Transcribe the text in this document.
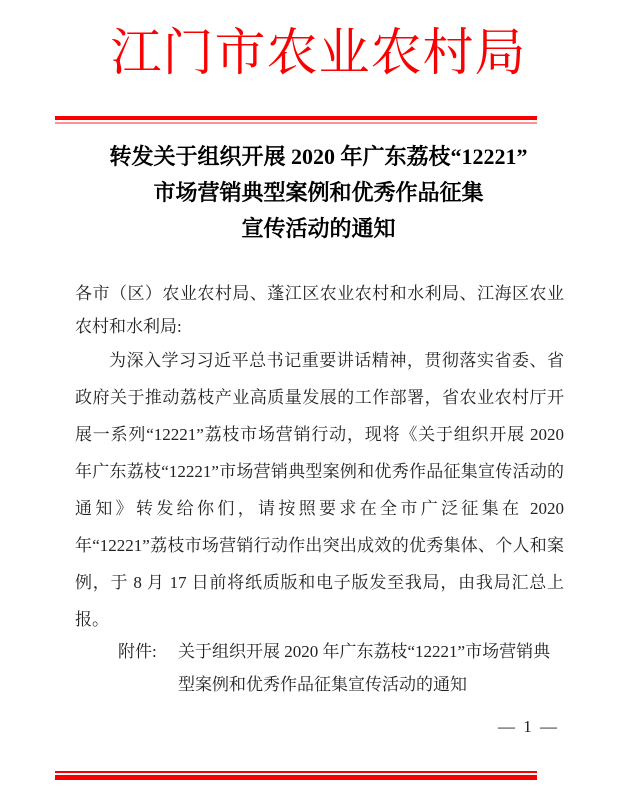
江门市农业农村局
转发关于组织开展 2020 年广东荔枝“12221”
市场营销典型案例和优秀作品征集
宣传活动的通知
各市（区）农业农村局、蓬江区农业农村和水利局、江海区农业农村和水利局:
为深入学习习近平总书记重要讲话精神，贯彻落实省委、省政府关于推动荔枝产业高质量发展的工作部署，省农业农村厅开展一系列“12221”荔枝市场营销行动，现将《关于组织开展 2020 年广东荔枝“12221”市场营销典型案例和优秀作品征集宣传活动的通知》转发给你们，请按照要求在全市广泛征集在 2020 年“12221”荔枝市场营销行动作出突出成效的优秀集体、个人和案例，于 8 月 17 日前将纸质版和电子版发至我局，由我局汇总上报。
附件:	关于组织开展 2020 年广东荔枝“12221”市场营销典型案例和优秀作品征集宣传活动的通知
— 1 —
